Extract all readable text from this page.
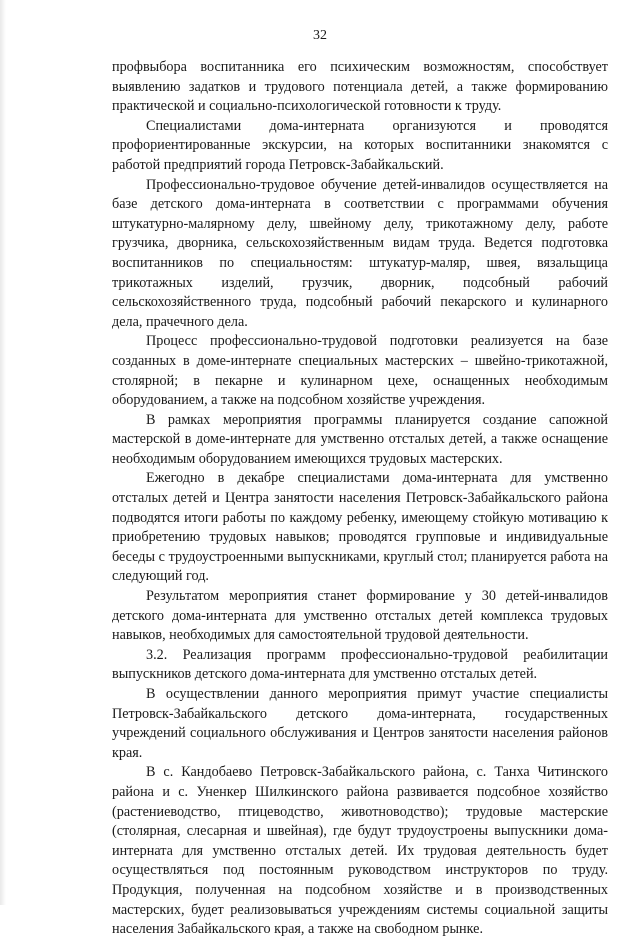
32

профвыбора воспитанника его психическим возможностям, способствует выявлению задатков и трудового потенциала детей, а также формированию практической и социально-психологической готовности к труду.

Специалистами дома-интерната организуются и проводятся профориентированные экскурсии, на которых воспитанники знакомятся с работой предприятий города Петровск-Забайкальский.

Профессионально-трудовое обучение детей-инвалидов осуществляется на базе детского дома-интерната в соответствии с программами обучения штукатурно-малярному делу, швейному делу, трикотажному делу, работе грузчика, дворника, сельскохозяйственным видам труда. Ведется подготовка воспитанников по специальностям: штукатур-маляр, швея, вязальщица трикотажных изделий, грузчик, дворник, подсобный рабочий сельскохозяйственного труда, подсобный рабочий пекарского и кулинарного дела, прачечного дела.

Процесс профессионально-трудовой подготовки реализуется на базе созданных в доме-интернате специальных мастерских – швейно-трикотажной, столярной; в пекарне и кулинарном цехе, оснащенных необходимым оборудованием, а также на подсобном хозяйстве учреждения.

В рамках мероприятия программы планируется создание сапожной мастерской в доме-интернате для умственно отсталых детей, а также оснащение необходимым оборудованием имеющихся трудовых мастерских.

Ежегодно в декабре специалистами дома-интерната для умственно отсталых детей и Центра занятости населения Петровск-Забайкальского района подводятся итоги работы по каждому ребенку, имеющему стойкую мотивацию к приобретению трудовых навыков; проводятся групповые и индивидуальные беседы с трудоустроенными выпускниками, круглый стол; планируется работа на следующий год.

Результатом мероприятия станет формирование у 30 детей-инвалидов детского дома-интерната для умственно отсталых детей комплекса трудовых навыков, необходимых для самостоятельной трудовой деятельности.

3.2. Реализация программ профессионально-трудовой реабилитации выпускников детского дома-интерната для умственно отсталых детей.

В осуществлении данного мероприятия примут участие специалисты Петровск-Забайкальского детского дома-интерната, государственных учреждений социального обслуживания и Центров занятости населения районов края.

В с. Кандобаево Петровск-Забайкальского района, с. Танха Читинского района и с. Уненкер Шилкинского района развивается подсобное хозяйство (растениеводство, птицеводство, животноводство); трудовые мастерские (столярная, слесарная и швейная), где будут трудоустроены выпускники дома-интерната для умственно отсталых детей. Их трудовая деятельность будет осуществляться под постоянным руководством инструкторов по труду. Продукция, полученная на подсобном хозяйстве и в производственных мастерских, будет реализовываться учреждениям системы социальной защиты населения Забайкальского края, а также на свободном рынке.
